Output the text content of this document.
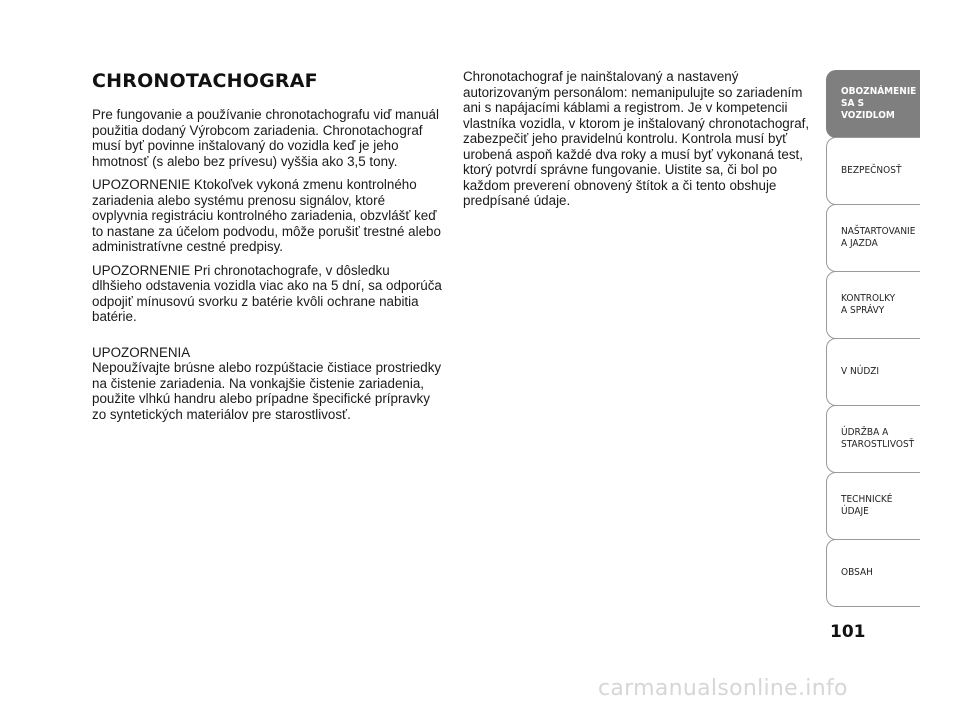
CHRONOTACHOGRAF

Pre fungovanie a používanie chronotachografu viď manuál použitia dodaný Výrobcom zariadenia. Chronotachograf musí byť povinne inštalovaný do vozidla keď je jeho hmotnosť (s alebo bez prívesu) vyššia ako 3,5 tony.

UPOZORNENIE Ktokoľvek vykoná zmenu kontrolného zariadenia alebo systému prenosu signálov, ktoré ovplyvnia registráciu kontrolného zariadenia, obzvlášť keď to nastane za účelom podvodu, môže porušiť trestné alebo administratívne cestné predpisy.

UPOZORNENIE Pri chronotachografe, v dôsledku dlhšieho odstavenia vozidla viac ako na 5 dní, sa odporúča odpojiť mínusovú svorku z batérie kvôli ochrane nabitia batérie.

UPOZORNENIA

Nepoužívajte brúsne alebo rozpúštacie čistiace prostriedky na čistenie zariadenia. Na vonkajšie čistenie zariadenia, použite vlhkú handru alebo prípadne špecifické prípravky zo syntetických materiálov pre starostlivosť.

Chronotachograf je nainštalovaný a nastavený autorizovaným personálom: nemanipulujte so zariadením ani s napájacími káblami a registrom. Je v kompetencii vlastníka vozidla, v ktorom je inštalovaný chronotachograf, zabezpečiť jeho pravidelnú kontrolu. Kontrola musí byť urobená aspoň každé dva roky a musí byť vykonaná test, ktorý potvrdí správne fungovanie. Uistite sa, či bol po každom preverení obnovený štítok a či tento obshuje predpísané údaje.

OBOZNÁMENIE
SA S VOZIDLOM
BEZPEČNOSŤ
NAŠTARTOVANIE
A JAZDA
KONTROLKY
A SPRÁVY
V NÚDZI
ÚDRŽBA A
STAROSTLIVOSŤ
TECHNICKÉ
ÚDAJE
OBSAH
101
carmanualsonline.info
